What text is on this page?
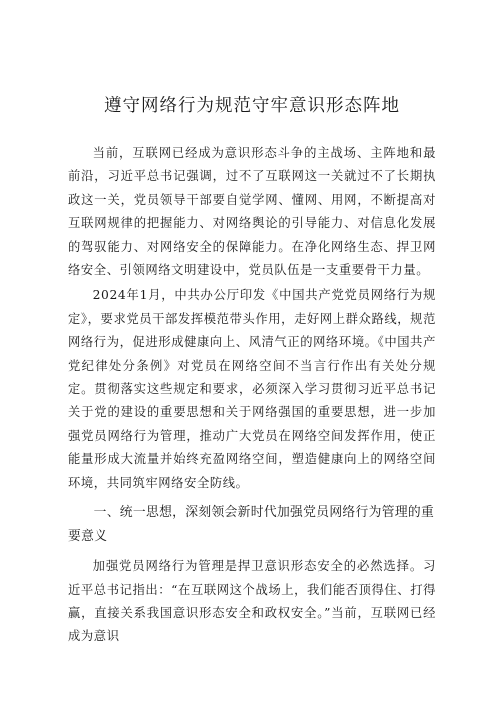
遵守网络行为规范守牢意识形态阵地

当前，互联网已经成为意识形态斗争的主战场、主阵地和最前沿，习近平总书记强调，过不了互联网这一关就过不了长期执政这一关，党员领导干部要自觉学网、懂网、用网，不断提高对互联网规律的把握能力、对网络舆论的引导能力、对信息化发展的驾驭能力、对网络安全的保障能力。在净化网络生态、捍卫网络安全、引领网络文明建设中，党员队伍是一支重要骨干力量。

2024年1月，中共办公厅印发《中国共产党党员网络行为规定》，要求党员干部发挥模范带头作用，走好网上群众路线，规范网络行为，促进形成健康向上、风清气正的网络环境。《中国共产党纪律处分条例》对党员在网络空间不当言行作出有关处分规定。贯彻落实这些规定和要求，必须深入学习贯彻习近平总书记关于党的建设的重要思想和关于网络强国的重要思想，进一步加强党员网络行为管理，推动广大党员在网络空间发挥作用，使正能量形成大流量并始终充盈网络空间，塑造健康向上的网络空间环境，共同筑牢网络安全防线。

一、统一思想，深刻领会新时代加强党员网络行为管理的重要意义

加强党员网络行为管理是捍卫意识形态安全的必然选择。习近平总书记指出：“在互联网这个战场上，我们能否顶得住、打得赢，直接关系我国意识形态安全和政权安全。”当前，互联网已经成为意识
